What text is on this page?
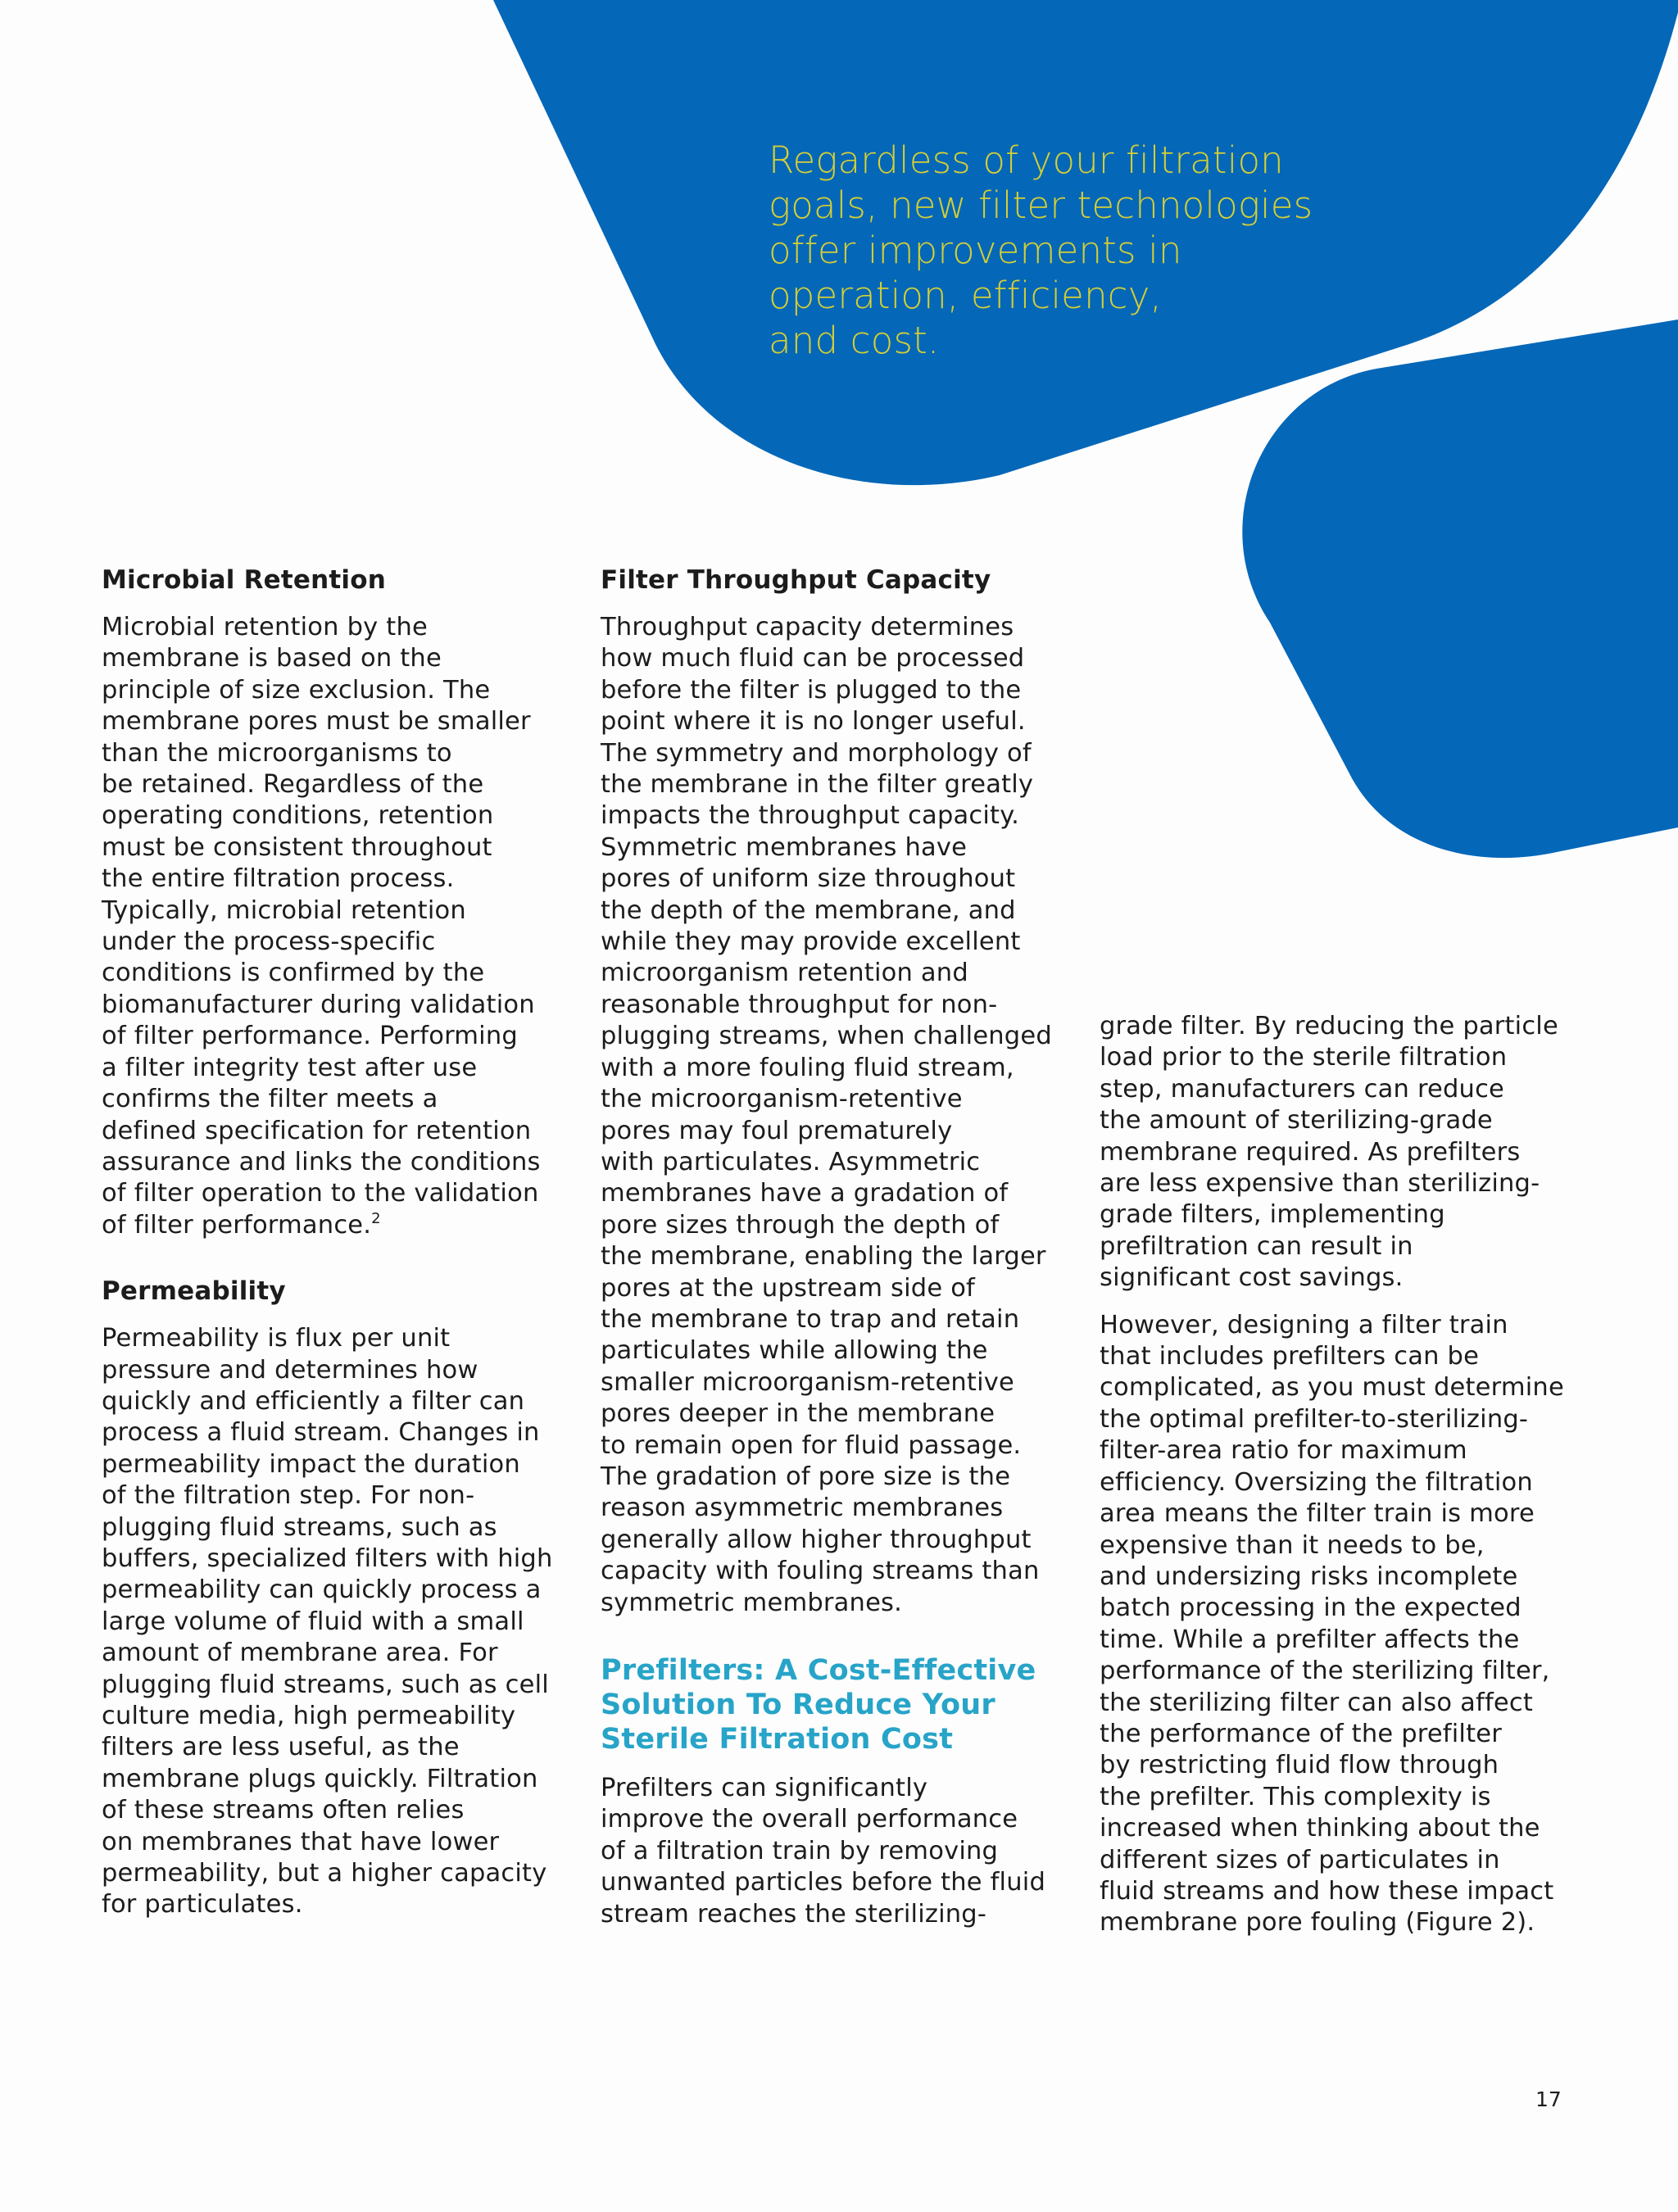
Regardless of your filtration
goals, new filter technologies
offer improvements in
operation, efficiency,
and cost.
Microbial Retention

Microbial retention by the
membrane is based on the
principle of size exclusion. The
membrane pores must be smaller
than the microorganisms to
be retained. Regardless of the
operating conditions, retention
must be consistent throughout
the entire filtration process.
Typically, microbial retention
under the process-specific
conditions is confirmed by the
biomanufacturer during validation
of filter performance. Performing
a filter integrity test after use
confirms the filter meets a
defined specification for retention
assurance and links the conditions
of filter operation to the validation
of filter performance.$^2$

Permeability

Permeability is flux per unit
pressure and determines how
quickly and efficiently a filter can
process a fluid stream. Changes in
permeability impact the duration
of the filtration step. For non-
plugging fluid streams, such as
buffers, specialized filters with high
permeability can quickly process a
large volume of fluid with a small
amount of membrane area. For
plugging fluid streams, such as cell
culture media, high permeability
filters are less useful, as the
membrane plugs quickly. Filtration
of these streams often relies
on membranes that have lower
permeability, but a higher capacity
for particulates.

Filter Throughput Capacity

Throughput capacity determines
how much fluid can be processed
before the filter is plugged to the
point where it is no longer useful.
The symmetry and morphology of
the membrane in the filter greatly
impacts the throughput capacity.
Symmetric membranes have
pores of uniform size throughout
the depth of the membrane, and
while they may provide excellent
microorganism retention and
reasonable throughput for non-
plugging streams, when challenged
with a more fouling fluid stream,
the microorganism-retentive
pores may foul prematurely
with particulates. Asymmetric
membranes have a gradation of
pore sizes through the depth of
the membrane, enabling the larger
pores at the upstream side of
the membrane to trap and retain
particulates while allowing the
smaller microorganism-retentive
pores deeper in the membrane
to remain open for fluid passage.
The gradation of pore size is the
reason asymmetric membranes
generally allow higher throughput
capacity with fouling streams than
symmetric membranes.

Prefilters: A Cost-Effective
Solution To Reduce Your
Sterile Filtration Cost

Prefilters can significantly
improve the overall performance
of a filtration train by removing
unwanted particles before the fluid
stream reaches the sterilizing-

grade filter. By reducing the particle
load prior to the sterile filtration
step, manufacturers can reduce
the amount of sterilizing-grade
membrane required. As prefilters
are less expensive than sterilizing-
grade filters, implementing
prefiltration can result in
significant cost savings.

However, designing a filter train
that includes prefilters can be
complicated, as you must determine
the optimal prefilter-to-sterilizing-
filter-area ratio for maximum
efficiency. Oversizing the filtration
area means the filter train is more
expensive than it needs to be,
and undersizing risks incomplete
batch processing in the expected
time. While a prefilter affects the
performance of the sterilizing filter,
the sterilizing filter can also affect
the performance of the prefilter
by restricting fluid flow through
the prefilter. This complexity is
increased when thinking about the
different sizes of particulates in
fluid streams and how these impact
membrane pore fouling (Figure 2).

17
